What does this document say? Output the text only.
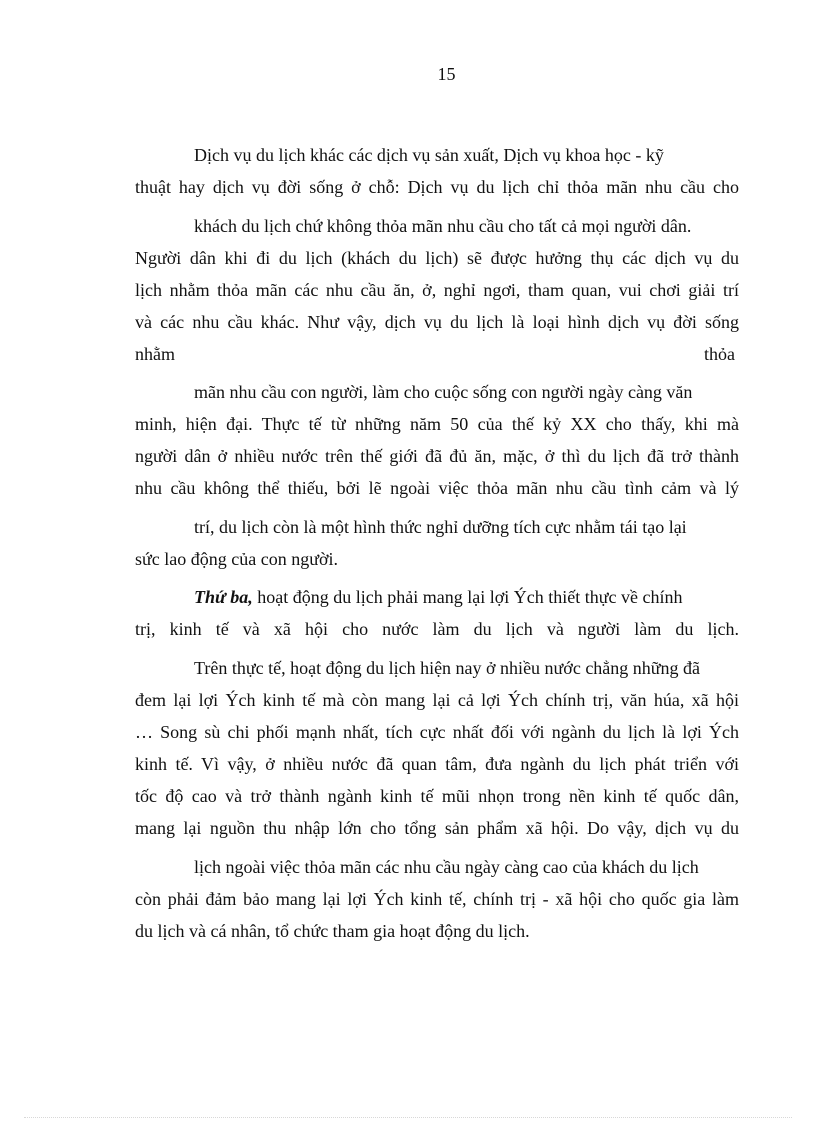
15
Dịch vụ du lịch khác các dịch vụ sản xuất, Dịch vụ khoa học - kỹ
thuật hay dịch vụ đời sống ở chỗ: Dịch vụ du lịch chỉ thỏa mãn nhu cầu cho
khách du lịch chứ không thỏa mãn nhu cầu cho tất cả mọi người dân.
Người dân khi đi du lịch (khách du lịch) sẽ được hưởng thụ các dịch vụ du
lịch nhằm thỏa mãn các nhu cầu ăn, ở, nghỉ ngơi, tham quan, vui chơi giải trí
và các nhu cầu khác. Như vậy, dịch vụ du lịch là loại hình dịch vụ đời sống
nhằm	thỏa
mãn nhu cầu con người, làm cho cuộc sống con người ngày càng văn
minh, hiện đại. Thực tế từ những năm 50 của thế kỷ XX cho thấy, khi mà
người dân ở nhiều nước trên thế giới đã đủ ăn, mặc, ở thì du lịch đã trở thành
nhu cầu không thể thiếu, bởi lẽ ngoài việc thỏa mãn nhu cầu tình cảm và lý
trí, du lịch còn là một hình thức nghỉ dưỡng tích cực nhằm tái tạo lại
sức lao động của con người.
Thứ ba, hoạt động du lịch phải mang lại lợi Ých thiết thực về chính
trị, kinh tế và xã hội cho nước làm du lịch và người làm du lịch.
Trên thực tế, hoạt động du lịch hiện nay ở nhiều nước chẳng những đã
đem lại lợi Ých kinh tế mà còn mang lại cả lợi Ých chính trị, văn húa, xã hội
… Song sù chi phối mạnh nhất, tích cực nhất đối với ngành du lịch là lợi Ých
kinh tế. Vì vậy, ở nhiều nước đã quan tâm, đưa ngành du lịch phát triển với
tốc độ cao và trở thành ngành kinh tế mũi nhọn trong nền kinh tế quốc dân,
mang lại nguồn thu nhập lớn cho tổng sản phẩm xã hội. Do vậy, dịch vụ du
lịch ngoài việc thỏa mãn các nhu cầu ngày càng cao của khách du lịch
còn phải đảm bảo mang lại lợi Ých kinh tế, chính trị - xã hội cho quốc gia làm
du lịch và cá nhân, tổ chức tham gia hoạt động du lịch.
